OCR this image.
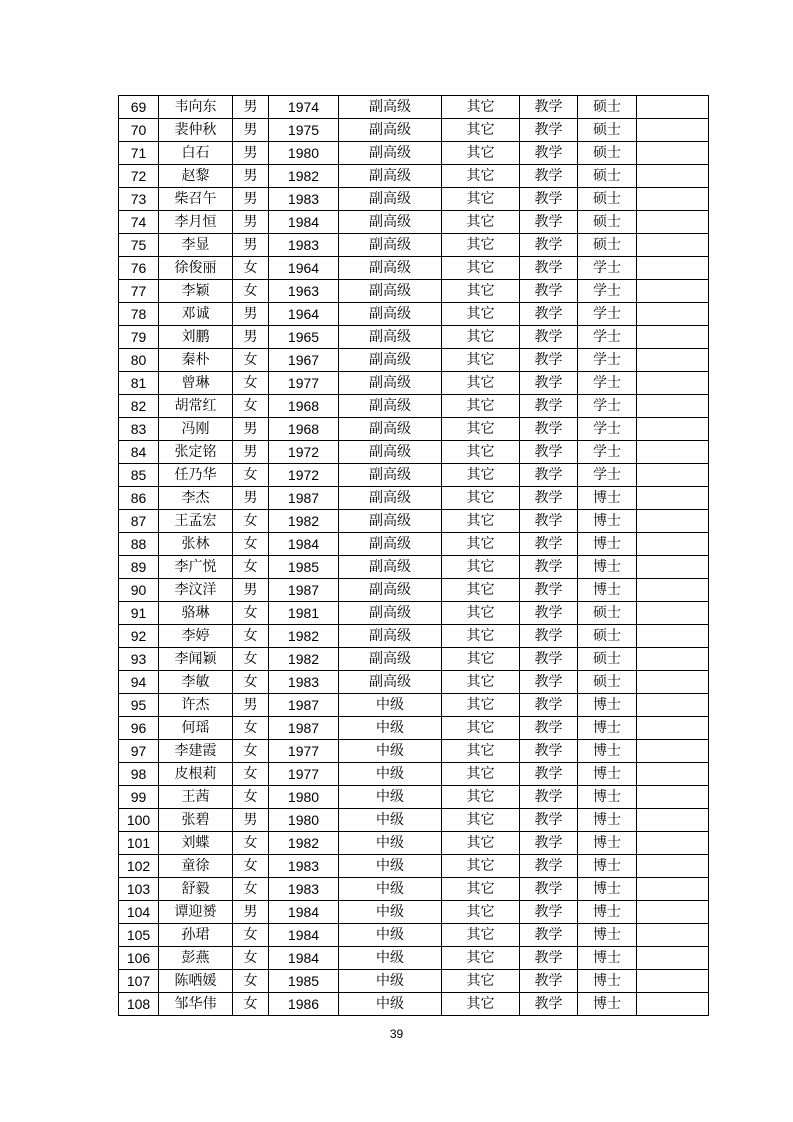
69	韦向东	男	1974	副高级	其它	教学	硕士	
70	裴仲秋	男	1975	副高级	其它	教学	硕士	
71	白石	男	1980	副高级	其它	教学	硕士	
72	赵黎	男	1982	副高级	其它	教学	硕士	
73	柴召午	男	1983	副高级	其它	教学	硕士	
74	李月恒	男	1984	副高级	其它	教学	硕士	
75	李显	男	1983	副高级	其它	教学	硕士	
76	徐俊丽	女	1964	副高级	其它	教学	学士	
77	李颖	女	1963	副高级	其它	教学	学士	
78	邓诚	男	1964	副高级	其它	教学	学士	
79	刘鹏	男	1965	副高级	其它	教学	学士	
80	秦朴	女	1967	副高级	其它	教学	学士	
81	曾琳	女	1977	副高级	其它	教学	学士	
82	胡常红	女	1968	副高级	其它	教学	学士	
83	冯刚	男	1968	副高级	其它	教学	学士	
84	张定铭	男	1972	副高级	其它	教学	学士	
85	任乃华	女	1972	副高级	其它	教学	学士	
86	李杰	男	1987	副高级	其它	教学	博士	
87	王孟宏	女	1982	副高级	其它	教学	博士	
88	张林	女	1984	副高级	其它	教学	博士	
89	李广悦	女	1985	副高级	其它	教学	博士	
90	李汶洋	男	1987	副高级	其它	教学	博士	
91	骆琳	女	1981	副高级	其它	教学	硕士	
92	李婷	女	1982	副高级	其它	教学	硕士	
93	李闻颖	女	1982	副高级	其它	教学	硕士	
94	李敏	女	1983	副高级	其它	教学	硕士	
95	许杰	男	1987	中级	其它	教学	博士	
96	何瑶	女	1987	中级	其它	教学	博士	
97	李建霞	女	1977	中级	其它	教学	博士	
98	皮根莉	女	1977	中级	其它	教学	博士	
99	王茜	女	1980	中级	其它	教学	博士	
100	张碧	男	1980	中级	其它	教学	博士	
101	刘蝶	女	1982	中级	其它	教学	博士	
102	童徐	女	1983	中级	其它	教学	博士	
103	舒毅	女	1983	中级	其它	教学	博士	
104	谭迎赟	男	1984	中级	其它	教学	博士	
105	孙珺	女	1984	中级	其它	教学	博士	
106	彭燕	女	1984	中级	其它	教学	博士	
107	陈哂媛	女	1985	中级	其它	教学	博士	
108	邹华伟	女	1986	中级	其它	教学	博士	
39
